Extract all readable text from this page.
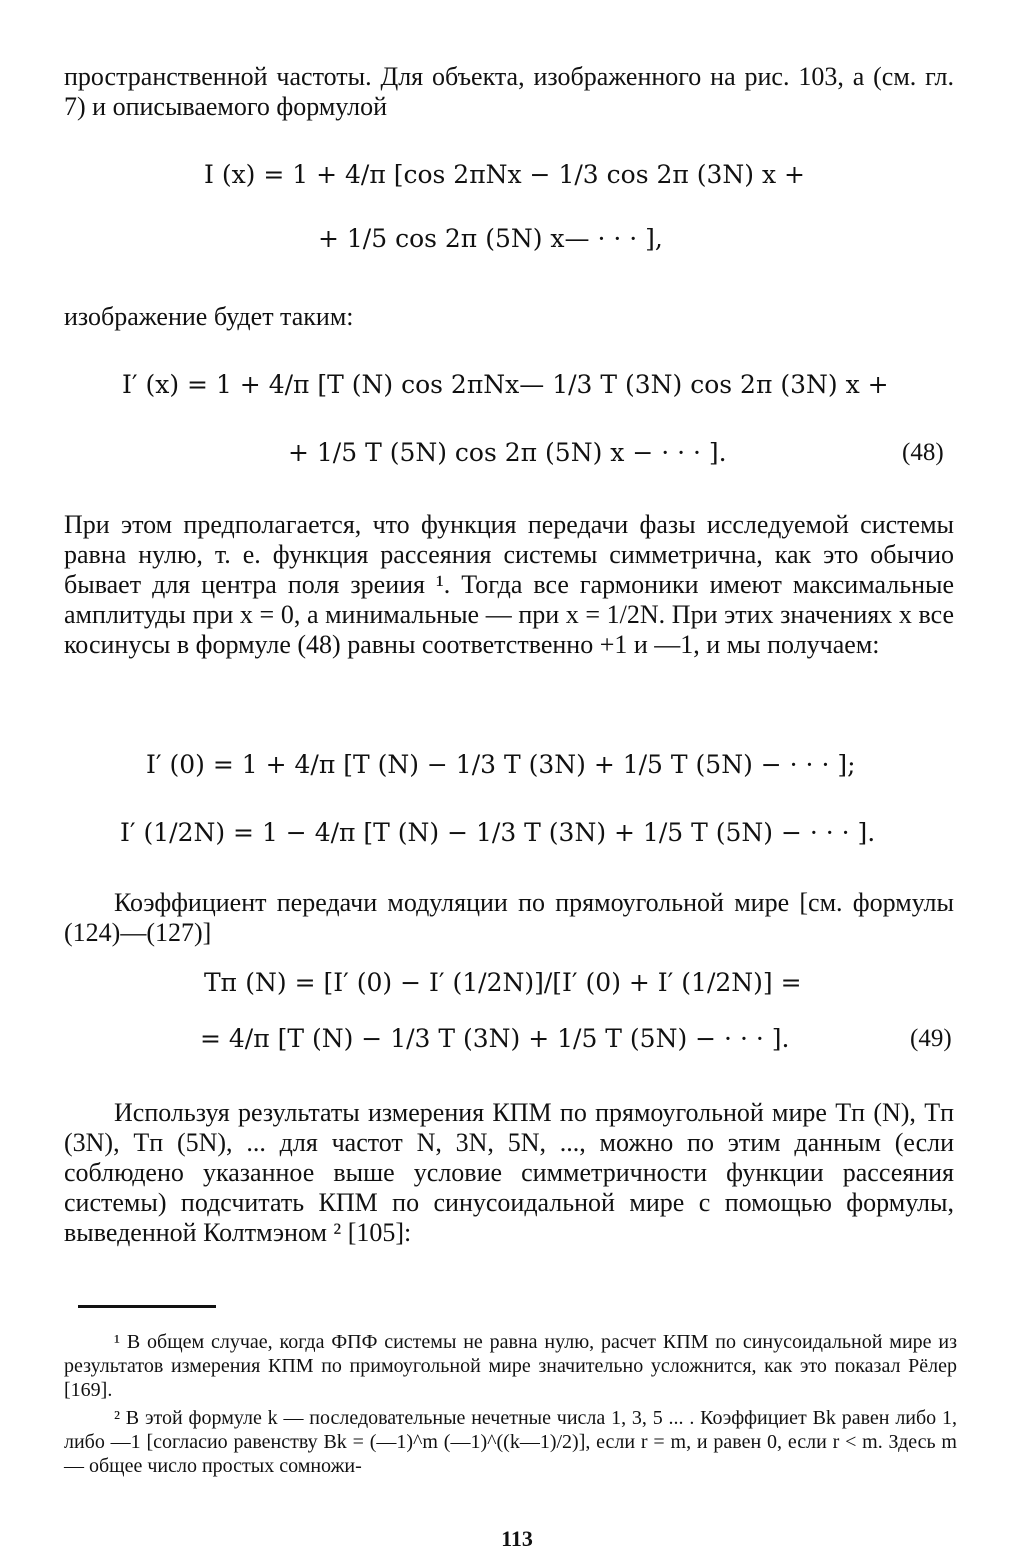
пространственной частоты. Для объекта, изображенного на рис. 103, а (см. гл. 7) и описываемого формулой
I (x) = 1 + 4/π [cos 2πNx − 1/3 cos 2π (3N) x +
+ 1/5 cos 2π (5N) x— · · · ],
изображение будет таким:
I′ (x) = 1 + 4/π [T (N) cos 2πNx— 1/3 T (3N) cos 2π (3N) x +
+ 1/5 T (5N) cos 2π (5N) x − · · · ].	(48)
При этом предполагается, что функция передачи фазы исследуемой системы равна нулю, т. е. функция рассеяния системы симметрична, как это обычио бывает для центра поля зреиия ¹. Тогда все гармоники имеют максимальные амплитуды при x = 0, а минимальные — при x = 1/2N. При этих значениях x все косинусы в формуле (48) равны соответственно +1 и —1, и мы получаем:
I′ (0) = 1 + 4/π [T (N) − 1/3 T (3N) + 1/5 T (5N) − · · · ];
I′ (1/2N) = 1 − 4/π [T (N) − 1/3 T (3N) + 1/5 T (5N) − · · · ].
Коэффициент передачи модуляции по прямоугольной мире [см. формулы (124)—(127)]
Tп (N) = [I′ (0) − I′ (1/2N)]/[I′ (0) + I′ (1/2N)] =
= 4/π [T (N) − 1/3 T (3N) + 1/5 T (5N) − · · · ].	(49)
Используя результаты измерения КПМ по прямоугольной мире Tп (N), Tп (3N), Tп (5N), ... для частот N, 3N, 5N, ..., можно по этим данным (если соблюдено указанное выше условие симметричности функции рассеяния системы) подсчитать КПМ по синусоидальной мире с помощью формулы, выведенной Колтмэном ² [105]:
¹ В общем случае, когда ФПФ системы не равна нулю, расчет КПМ по синусоидальной мире из результатов измерения КПМ по примоугольной мире значительно усложнится, как это показал Рёлер [169].
² В этой формуле k — последовательные нечетные числа 1, 3, 5 ... . Коэффициет Bk равен либо 1, либо —1 [согласио равенству Bk = (—1)^m (—1)^((k—1)/2)], если r = m, и равен 0, если r < m. Здесь m — общее число простых сомножи-
113
